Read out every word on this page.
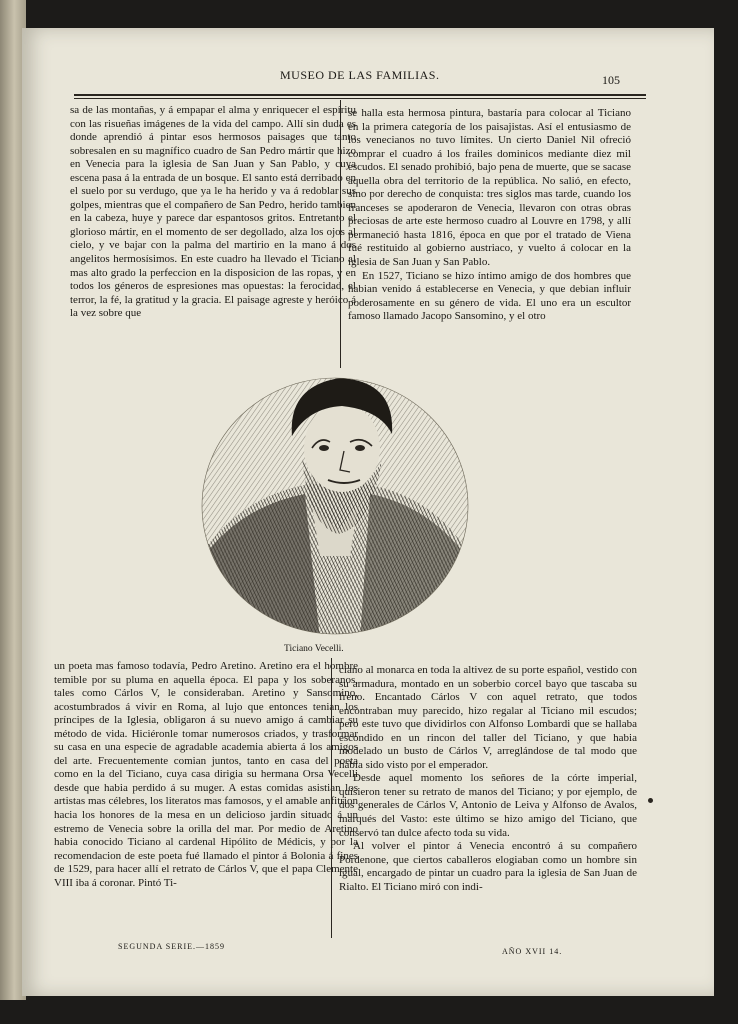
MUSEO DE LAS FAMILIAS.	105

sa de las montañas, y á empapar el alma y enriquecer el espíritu con las risueñas imágenes de la vida del campo. Allí sin duda es donde aprendió á pintar esos hermosos paisages que tanto sobresalen en su magnífico cuadro de San Pedro mártir que hizo en Venecia para la iglesia de San Juan y San Pablo, y cuya escena pasa á la entrada de un bosque. El santo está derribado en el suelo por su verdugo, que ya le ha herido y va á redoblar sus golpes, mientras que el compañero de San Pedro, herido tambien en la cabeza, huye y parece dar espantosos gritos. Entretanto el glorioso mártir, en el momento de ser degollado, alza los ojos al cielo, y ve bajar con la palma del martirio en la mano á dos angelitos hermosísimos. En este cuadro ha llevado el Ticiano al mas alto grado la perfeccion en la disposicion de las ropas, y en todos los géneros de espresiones mas opuestas: la ferocidad, el terror, la fé, la gratitud y la gracia. El paisage agreste y heróico á la vez sobre que

se halla esta hermosa pintura, bastaría para colocar al Ticiano en la primera categoría de los paisajistas. Así el entusiasmo de los venecianos no tuvo límites. Un cierto Daniel Nil ofreció comprar el cuadro á los frailes dominicos mediante diez mil escudos. El senado prohibió, bajo pena de muerte, que se sacase aquella obra del territorio de la república. No salió, en efecto, sino por derecho de conquista: tres siglos mas tarde, cuando los franceses se apoderaron de Venecia, llevaron con otras obras preciosas de arte este hermoso cuadro al Louvre en 1798, y allí permaneció hasta 1816, época en que por el tratado de Viena fué restituido al gobierno austriaco, y vuelto á colocar en la iglesia de San Juan y San Pablo.

En 1527, Ticiano se hizo íntimo amigo de dos hombres que habian venido á establecerse en Venecia, y que debian influir poderosamente en su género de vida. El uno era un escultor famoso llamado Jacopo Sansomino, y el otro

Ticiano Vecelli.

un poeta mas famoso todavía, Pedro Aretino. Aretino era el hombre temible por su pluma en aquella época. El papa y los soberanos, tales como Cárlos V, le consideraban. Aretino y Sansomino, acostumbrados á vivir en Roma, al lujo que entonces tenian los príncipes de la Iglesia, obligaron á su nuevo amigo á cambiar su método de vida. Hiciéronle tomar numerosos criados, y trasformar su casa en una especie de agradable academia abierta á los amigos del arte. Frecuentemente comian juntos, tanto en casa del poeta como en la del Ticiano, cuya casa dirigia su hermana Orsa Vecelli desde que habia perdido á su muger. A estas comidas asistian los artistas mas célebres, los literatos mas famosos, y el amable anfitrion hacia los honores de la mesa en un delicioso jardin situado á un estremo de Venecia sobre la orilla del mar. Por medio de Aretino habia conocido Ticiano al cardenal Hipólito de Médicis, y por la recomendacion de este poeta fué llamado el pintor á Bolonia á fines de 1529, para hacer allí el retrato de Cárlos V, que el papa Clemente VIII iba á coronar. Pintó Ti-

ciano al monarca en toda la altivez de su porte español, vestido con su armadura, montado en un soberbio corcel bayo que tascaba su freno. Encantado Cárlos V con aquel retrato, que todos encontraban muy parecido, hizo regalar al Ticiano mil escudos; pero este tuvo que dividirlos con Alfonso Lombardi que se hallaba escondido en un rincon del taller del Ticiano, y que habia modelado un busto de Cárlos V, arreglándose de tal modo que habia sido visto por el emperador.

Desde aquel momento los señores de la córte imperial, quisieron tener su retrato de manos del Ticiano; y por ejemplo, de dos generales de Cárlos V, Antonio de Leiva y Alfonso de Avalos, marqués del Vasto: este último se hizo amigo del Ticiano, que conservó tan dulce afecto toda su vida.

Al volver el pintor á Venecia encontró á su compañero Pordenone, que ciertos caballeros elogiaban como un hombre sin igual, encargado de pintar un cuadro para la iglesia de San Juan de Rialto. El Ticiano miró con indi-

SEGUNDA SERIE.—1859
AÑO XVII 14.
